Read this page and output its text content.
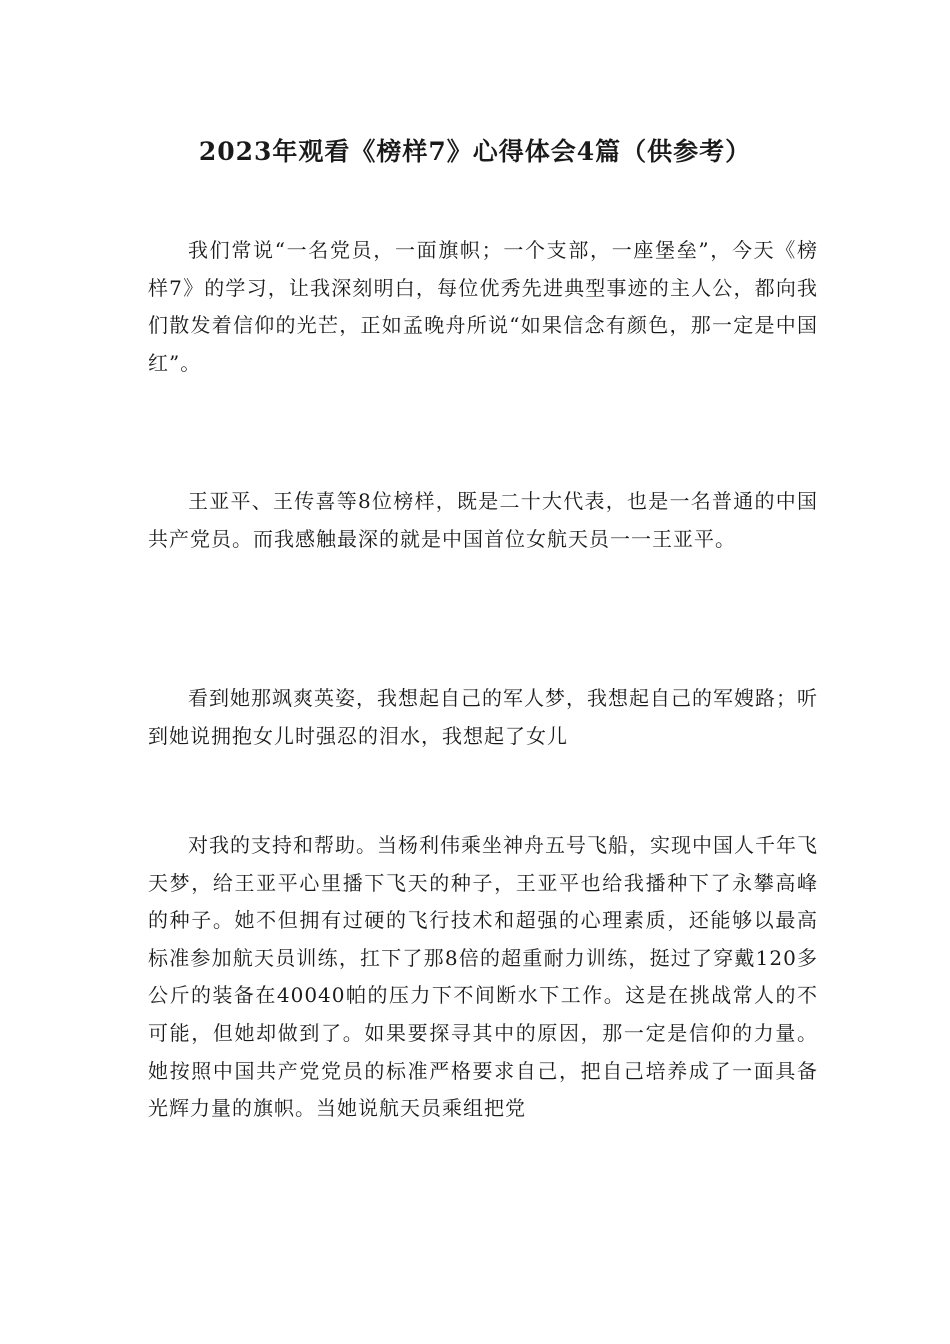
2023年观看《榜样7》心得体会4篇（供参考）

我们常说“一名党员，一面旗帜；一个支部，一座堡垒”，今天《榜样7》的学习，让我深刻明白，每位优秀先进典型事迹的主人公，都向我们散发着信仰的光芒，正如孟晚舟所说“如果信念有颜色，那一定是中国红”。

王亚平、王传喜等8位榜样，既是二十大代表，也是一名普通的中国共产党员。而我感触最深的就是中国首位女航天员一一王亚平。

看到她那飒爽英姿，我想起自己的军人梦，我想起自己的军嫂路；听到她说拥抱女儿时强忍的泪水，我想起了女儿

对我的支持和帮助。当杨利伟乘坐神舟五号飞船，实现中国人千年飞天梦，给王亚平心里播下飞天的种子，王亚平也给我播种下了永攀高峰的种子。她不但拥有过硬的飞行技术和超强的心理素质，还能够以最高标准参加航天员训练，扛下了那8倍的超重耐力训练，挺过了穿戴120多公斤的装备在40040帕的压力下不间断水下工作。这是在挑战常人的不可能，但她却做到了。如果要探寻其中的原因，那一定是信仰的力量。她按照中国共产党党员的标准严格要求自己，把自己培养成了一面具备光辉力量的旗帜。当她说航天员乘组把党
